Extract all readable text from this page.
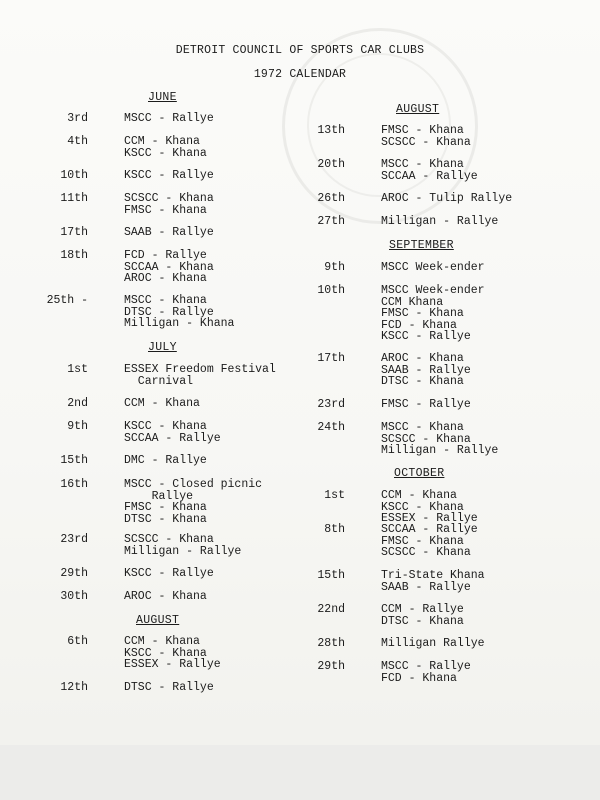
DETROIT COUNCIL OF SPORTS CAR CLUBS
1972 CALENDAR
JUNE
JULY
AUGUST
AUGUST
SEPTEMBER
OCTOBER
3rd	MSCC - Rallye
4th	CCM - Khana
KSCC - Khana
10th	KSCC - Rallye
11th	SCSCC - Khana
FMSC - Khana
17th	SAAB - Rallye
18th	FCD - Rallye
SCCAA - Khana
AROC - Khana
25th -	MSCC - Khana
DTSC - Rallye
Milligan - Khana
1st	ESSEX Freedom Festival
Carnival
2nd	CCM - Khana
9th	KSCC - Khana
SCCAA - Rallye
15th	DMC - Rallye
16th	MSCC - Closed picnic
Rallye
FMSC - Khana
DTSC - Khana
23rd	SCSCC - Khana
Milligan - Rallye
29th	KSCC - Rallye
30th	AROC - Khana
6th	CCM - Khana
KSCC - Khana
ESSEX - Rallye
12th	DTSC - Rallye
13th	FMSC - Khana
SCSCC - Khana
20th	MSCC - Khana
SCCAA - Rallye
26th	AROC - Tulip Rallye
27th	Milligan - Rallye
9th	MSCC Week-ender
10th	MSCC Week-ender
CCM Khana
FMSC - Khana
FCD - Khana
KSCC - Rallye
17th	AROC - Khana
SAAB - Rallye
DTSC - Khana
23rd	FMSC - Rallye
24th	MSCC - Khana
SCSCC - Khana
Milligan - Rallye
1st	CCM - Khana
KSCC - Khana
ESSEX - Rallye
8th	SCCAA - Rallye
FMSC - Khana
SCSCC - Khana
15th	Tri-State Khana
SAAB - Rallye
22nd	CCM - Rallye
DTSC - Khana
28th	Milligan Rallye
29th	MSCC - Rallye
FCD - Khana
